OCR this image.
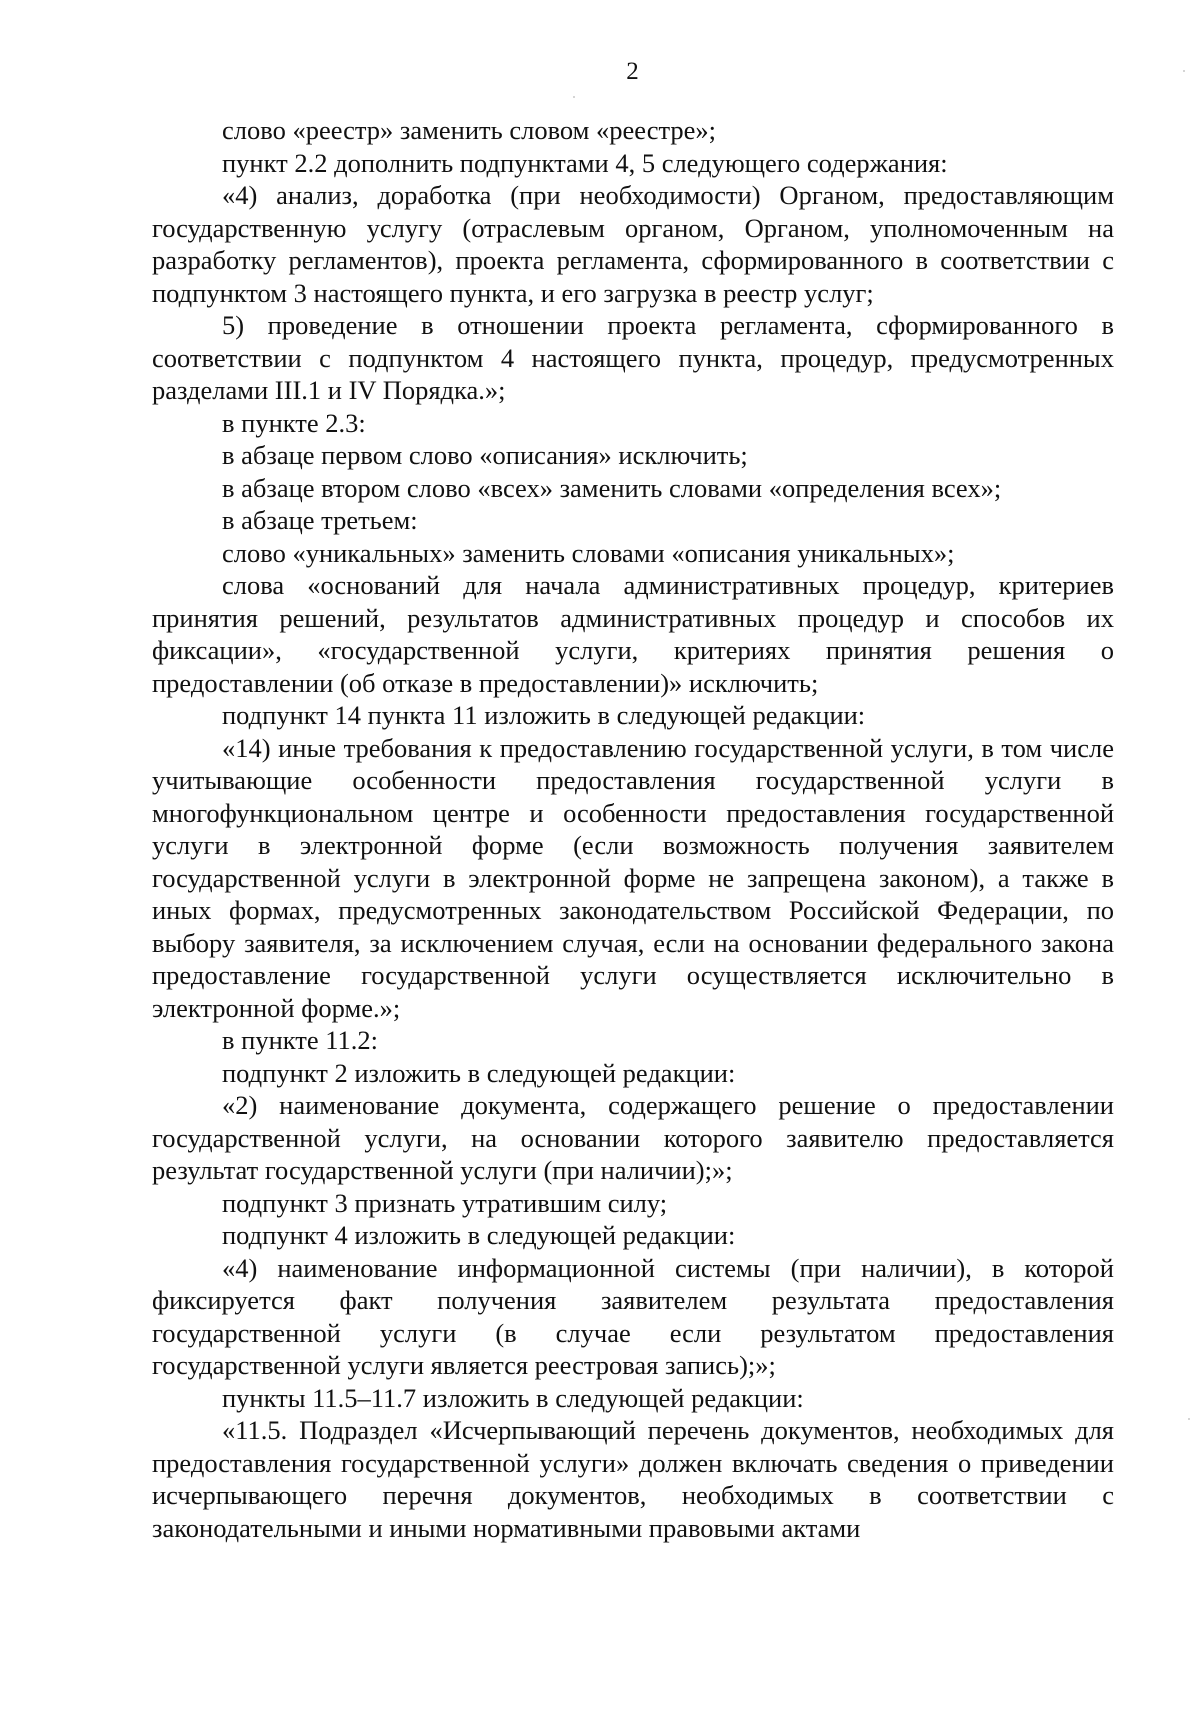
2

слово «реестр» заменить словом «реестре»;

пункт 2.2 дополнить подпунктами 4, 5 следующего содержания:

«4) анализ, доработка (при необходимости) Органом, предоставляющим государственную услугу (отраслевым органом, Органом, уполномоченным на разработку регламентов), проекта регламента, сформированного в соответствии с подпунктом 3 настоящего пункта, и его загрузка в реестр услуг;

5) проведение в отношении проекта регламента, сформированного в соответствии с подпунктом 4 настоящего пункта, процедур, предусмотренных разделами III.1 и IV Порядка.»;

в пункте 2.3:

в абзаце первом слово «описания» исключить;

в абзаце втором слово «всех» заменить словами «определения всех»;

в абзаце третьем:

слово «уникальных» заменить словами «описания уникальных»;

слова «оснований для начала административных процедур, критериев принятия решений, результатов административных процедур и способов их фиксации», «государственной услуги, критериях принятия решения о предоставлении (об отказе в предоставлении)» исключить;

подпункт 14 пункта 11 изложить в следующей редакции:

«14) иные требования к предоставлению государственной услуги, в том числе учитывающие особенности предоставления государственной услуги в многофункциональном центре и особенности предоставления государственной услуги в электронной форме (если возможность получения заявителем государственной услуги в электронной форме не запрещена законом), а также в иных формах, предусмотренных законодательством Российской Федерации, по выбору заявителя, за исключением случая, если на основании федерального закона предоставление государственной услуги осуществляется исключительно в электронной форме.»;

в пункте 11.2:

подпункт 2 изложить в следующей редакции:

«2) наименование документа, содержащего решение о предоставлении государственной услуги, на основании которого заявителю предоставляется результат государственной услуги (при наличии);»;

подпункт 3 признать утратившим силу;

подпункт 4 изложить в следующей редакции:

«4) наименование информационной системы (при наличии), в которой фиксируется факт получения заявителем результата предоставления государственной услуги (в случае если результатом предоставления государственной услуги является реестровая запись);»;

пункты 11.5–11.7 изложить в следующей редакции:

«11.5. Подраздел «Исчерпывающий перечень документов, необходимых для предоставления государственной услуги» должен включать сведения о приведении исчерпывающего перечня документов, необходимых в соответствии с законодательными и иными нормативными правовыми актами
